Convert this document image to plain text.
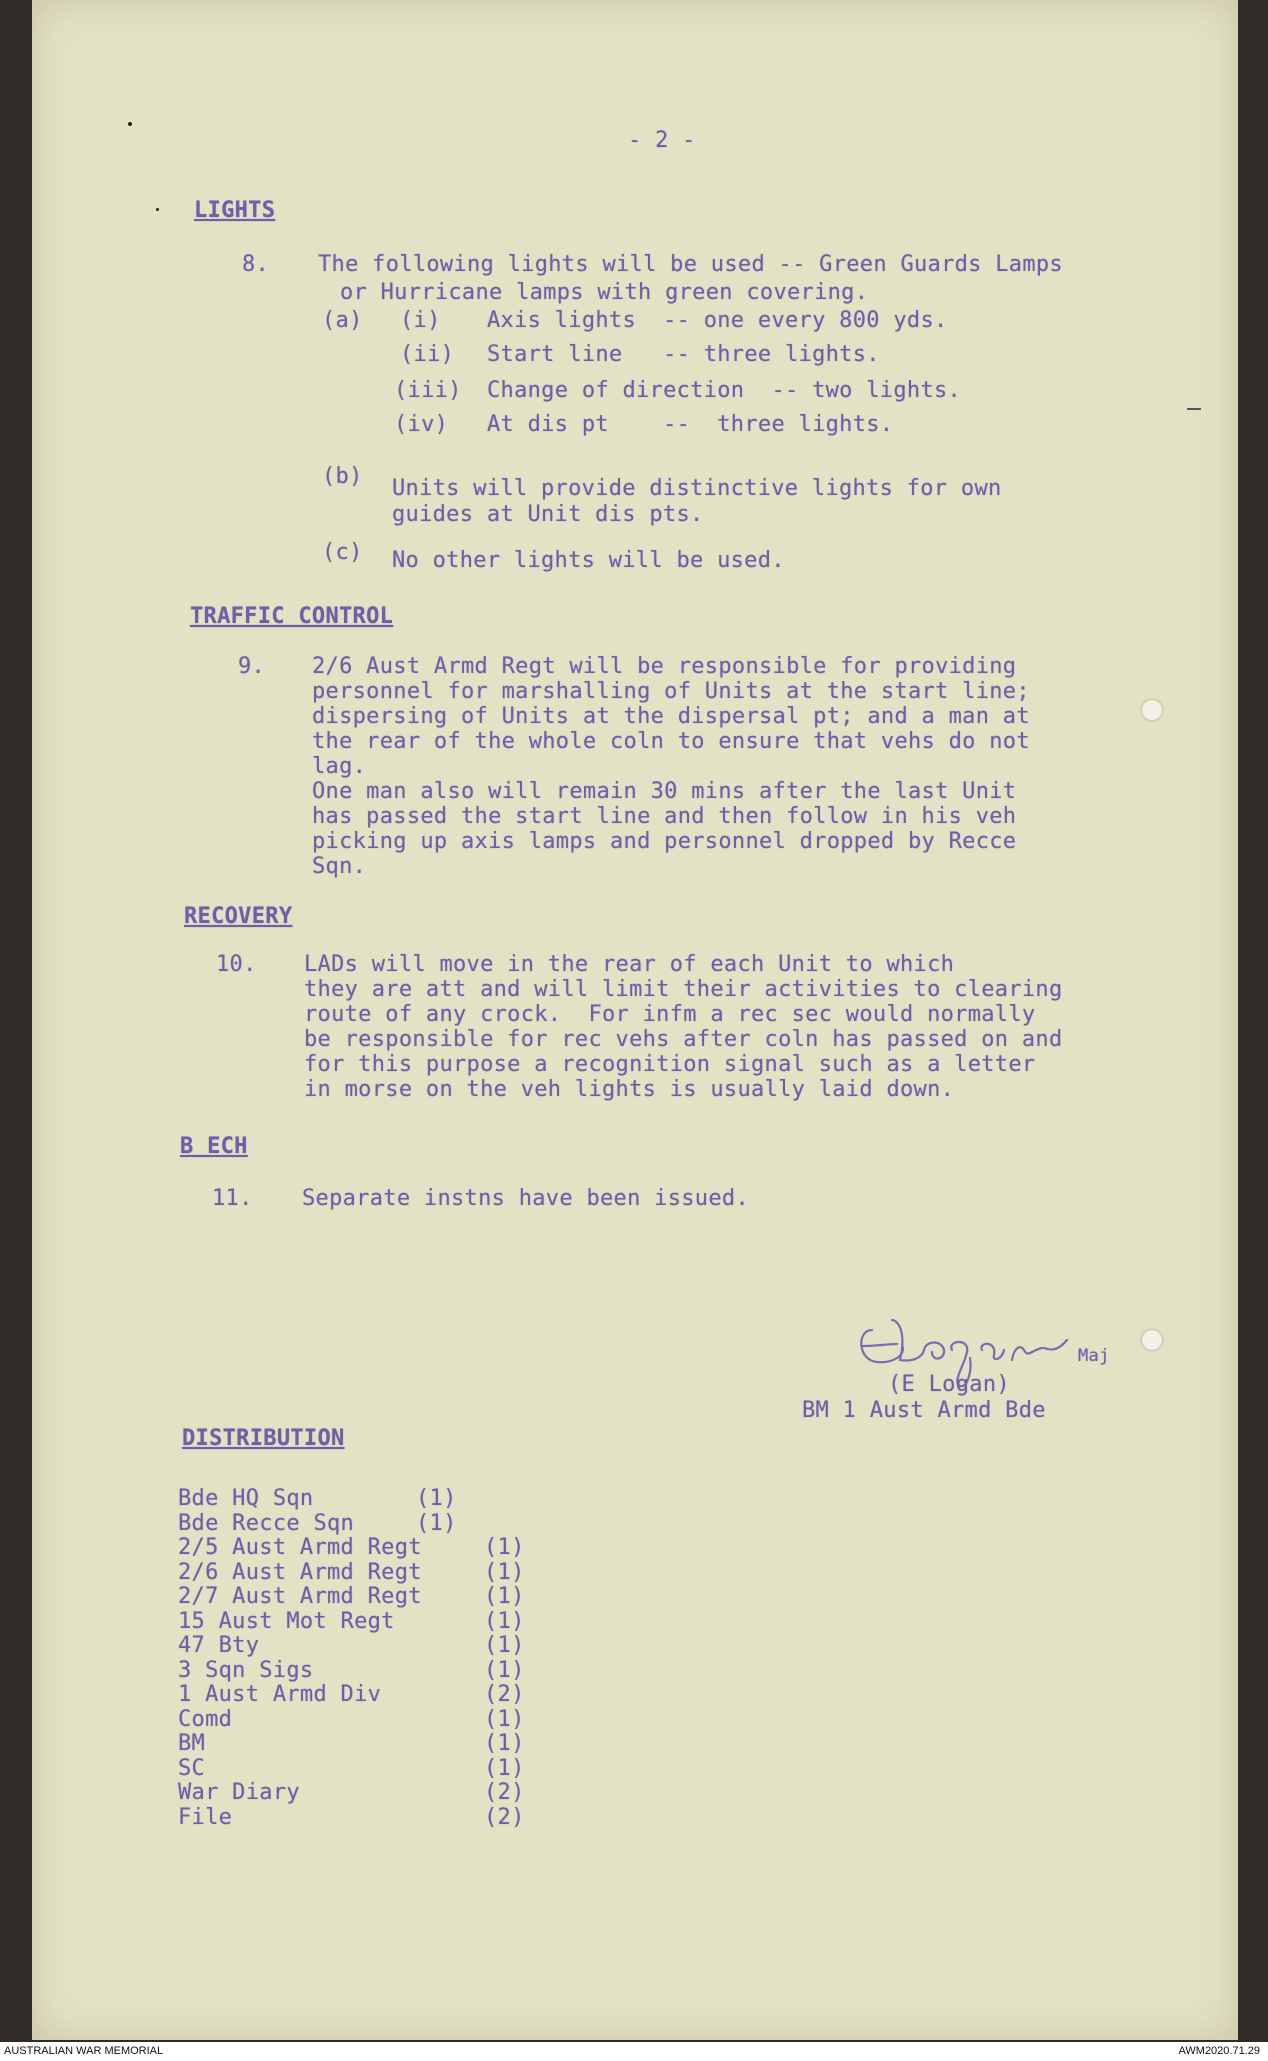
- 2 -
LIGHTS
8. The following lights will be used -- Green Guards Lamps
or Hurricane lamps with green covering.
(a) (i) Axis lights  -- one every 800 yds.
(ii) Start line   -- three lights.
(iii) Change of direction  -- two lights.
(iv) At dis pt    --  three lights.
(b) Units will provide distinctive lights for own
guides at Unit dis pts.
(c) No other lights will be used.
TRAFFIC CONTROL
9. 2/6 Aust Armd Regt will be responsible for providing
personnel for marshalling of Units at the start line;
dispersing of Units at the dispersal pt; and a man at
the rear of the whole coln to ensure that vehs do not
lag.
One man also will remain 30 mins after the last Unit
has passed the start line and then follow in his veh
picking up axis lamps and personnel dropped by Recce
Sqn.
RECOVERY
10. LADs will move in the rear of each Unit to which
they are att and will limit their activities to clearing
route of any crock.  For infm a rec sec would normally
be responsible for rec vehs after coln has passed on and
for this purpose a recognition signal such as a letter
in morse on the veh lights is usually laid down.
B ECH
11. Separate instns have been issued.
Maj
(E Logan)
BM 1 Aust Armd Bde
DISTRIBUTION
Bde HQ Sqn	(1)
Bde Recce Sqn	(1)
2/5 Aust Armd Regt	(1)
2/6 Aust Armd Regt	(1)
2/7 Aust Armd Regt	(1)
15 Aust Mot Regt	(1)
47 Bty	(1)
3 Sqn Sigs	(1)
1 Aust Armd Div	(2)
Comd	(1)
BM	(1)
SC	(1)
War Diary	(2)
File	(2)
AUSTRALIAN WAR MEMORIAL	AWM2020.71.29
